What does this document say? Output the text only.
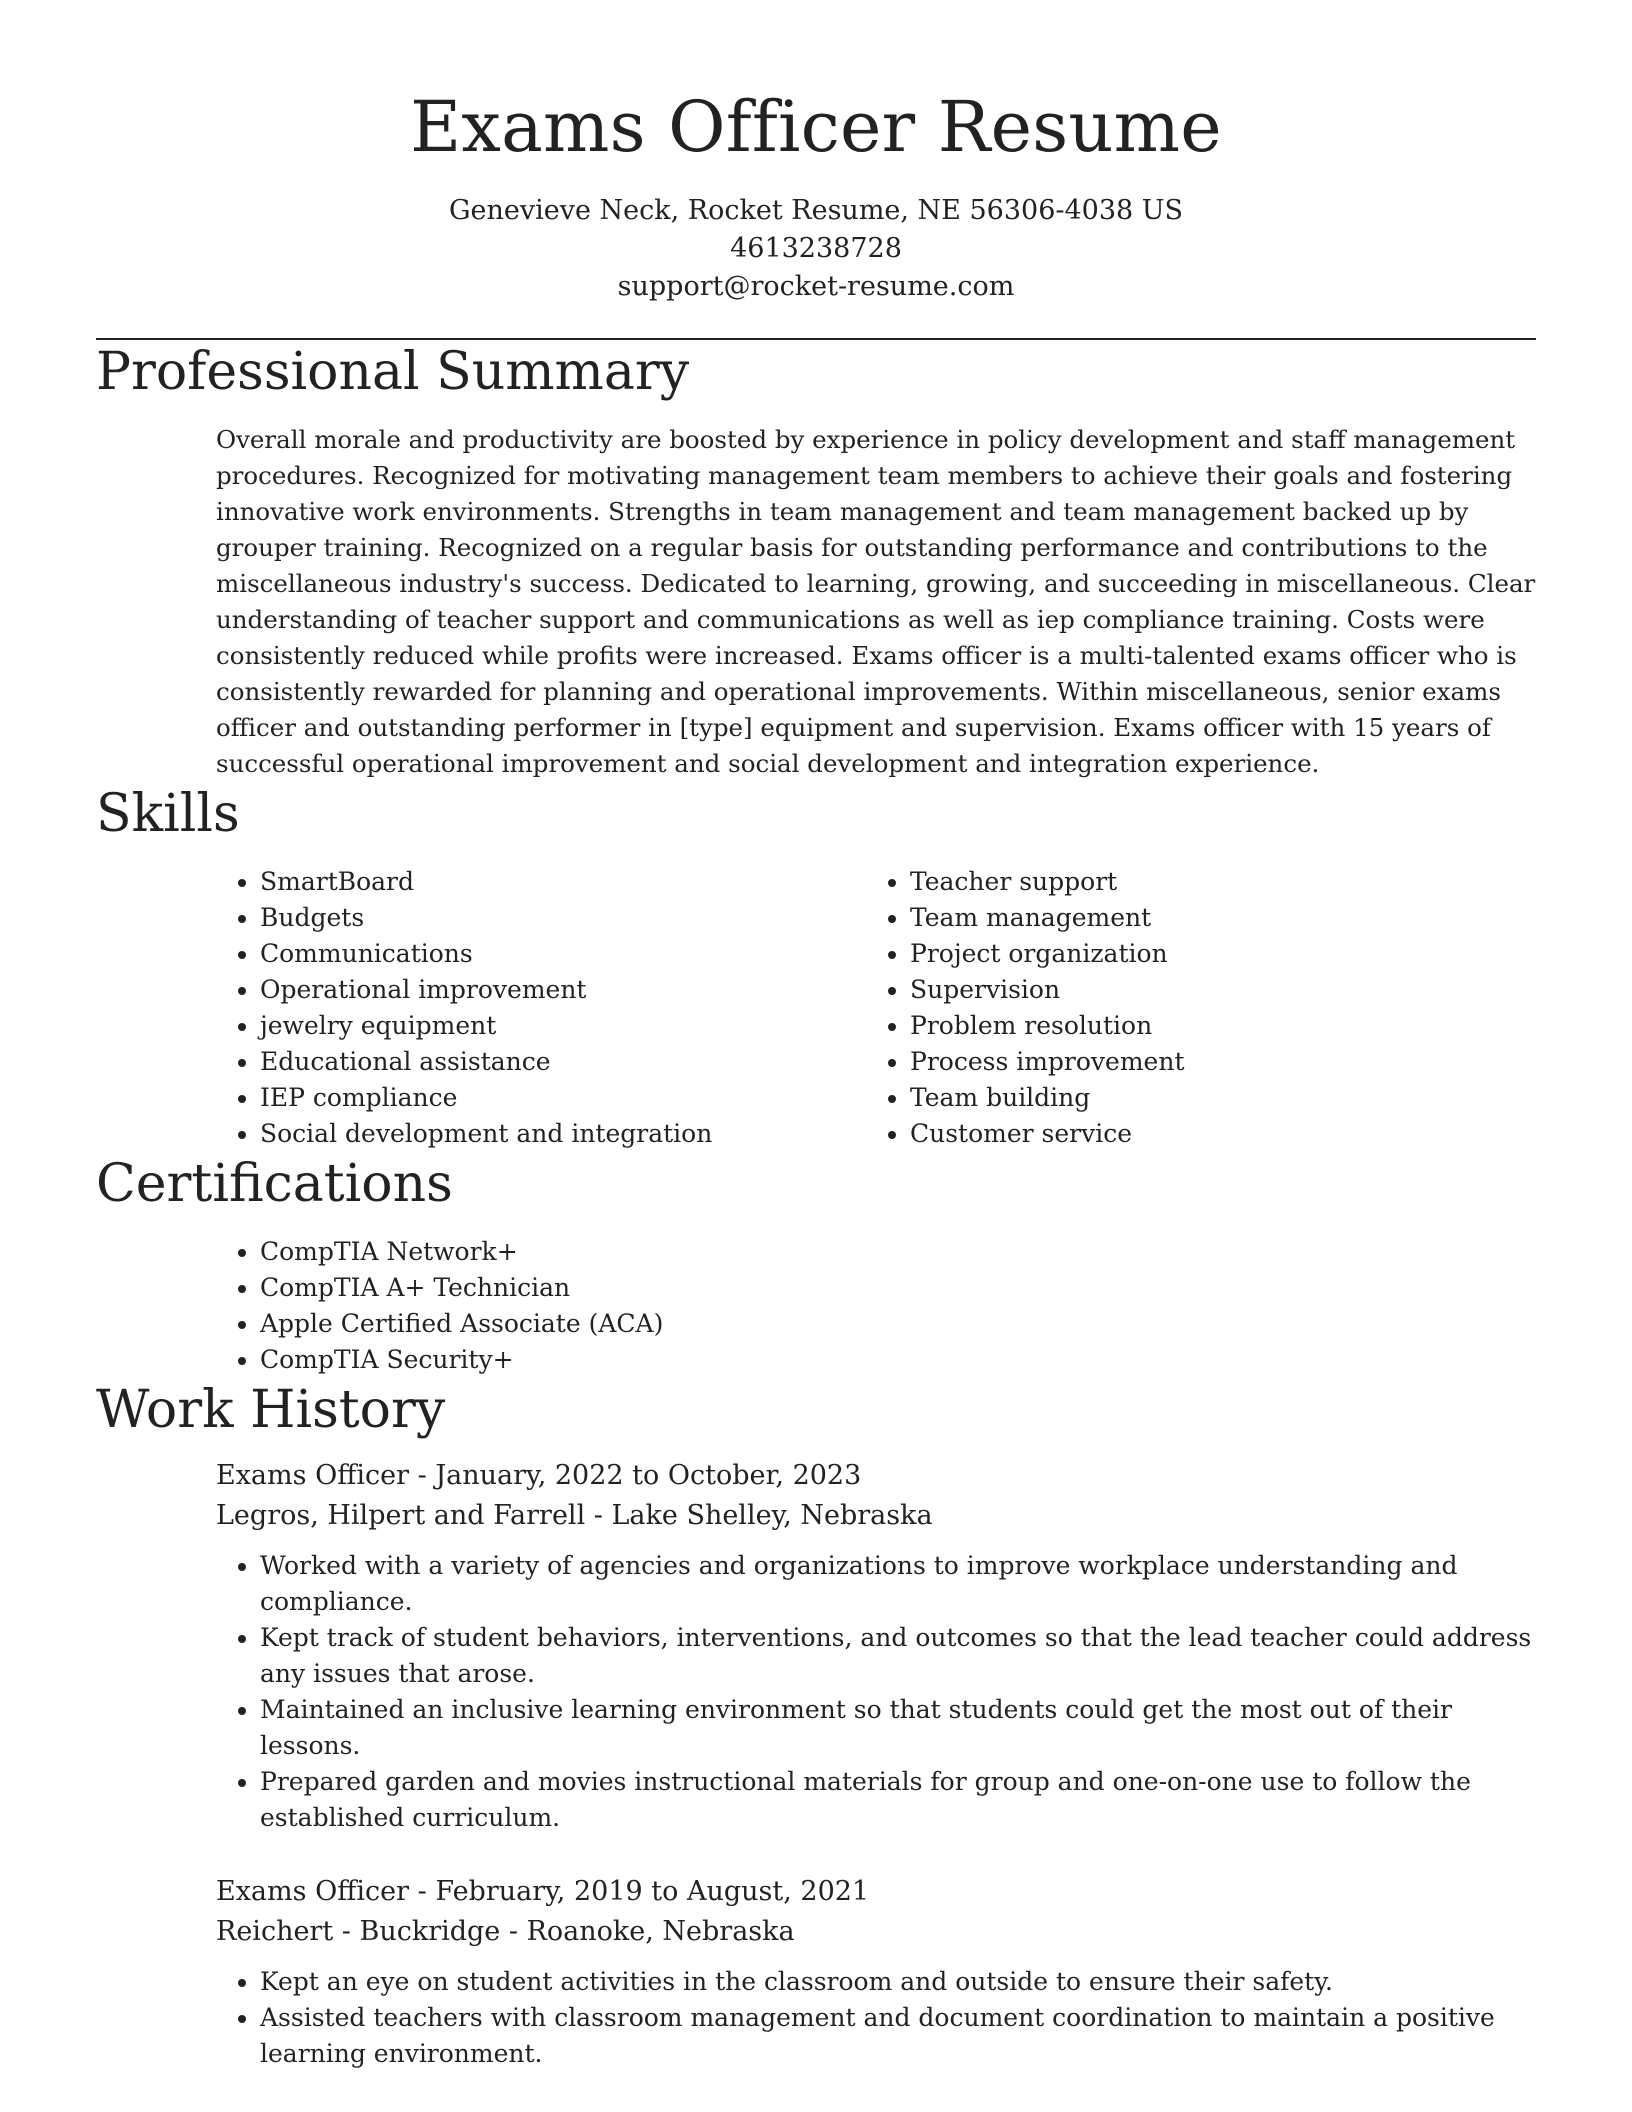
Exams Officer Resume
Genevieve Neck, Rocket Resume, NE 56306-4038 US
4613238728
support@rocket-resume.com
Professional Summary

Overall morale and productivity are boosted by experience in policy development and staff management procedures. Recognized for motivating management team members to achieve their goals and fostering innovative work environments. Strengths in team management and team management backed up by grouper training. Recognized on a regular basis for outstanding performance and contributions to the miscellaneous industry's success. Dedicated to learning, growing, and succeeding in miscellaneous. Clear understanding of teacher support and communications as well as iep compliance training. Costs were consistently reduced while profits were increased. Exams officer is a multi-talented exams officer who is consistently rewarded for planning and operational improvements. Within miscellaneous, senior exams officer and outstanding performer in [type] equipment and supervision. Exams officer with 15 years of successful operational improvement and social development and integration experience.

Skills
• SmartBoard
• Budgets
• Communications
• Operational improvement
• jewelry equipment
• Educational assistance
• IEP compliance
• Social development and integration
• Teacher support
• Team management
• Project organization
• Supervision
• Problem resolution
• Process improvement
• Team building
• Customer service
Certifications
• CompTIA Network+
• CompTIA A+ Technician
• Apple Certified Associate (ACA)
• CompTIA Security+
Work History
Exams Officer - January, 2022 to October, 2023
Legros, Hilpert and Farrell - Lake Shelley, Nebraska
• Worked with a variety of agencies and organizations to improve workplace understanding and compliance.
• Kept track of student behaviors, interventions, and outcomes so that the lead teacher could address any issues that arose.
• Maintained an inclusive learning environment so that students could get the most out of their lessons.
• Prepared garden and movies instructional materials for group and one-on-one use to follow the established curriculum.
Exams Officer - February, 2019 to August, 2021
Reichert - Buckridge - Roanoke, Nebraska
• Kept an eye on student activities in the classroom and outside to ensure their safety.
• Assisted teachers with classroom management and document coordination to maintain a positive learning environment.
